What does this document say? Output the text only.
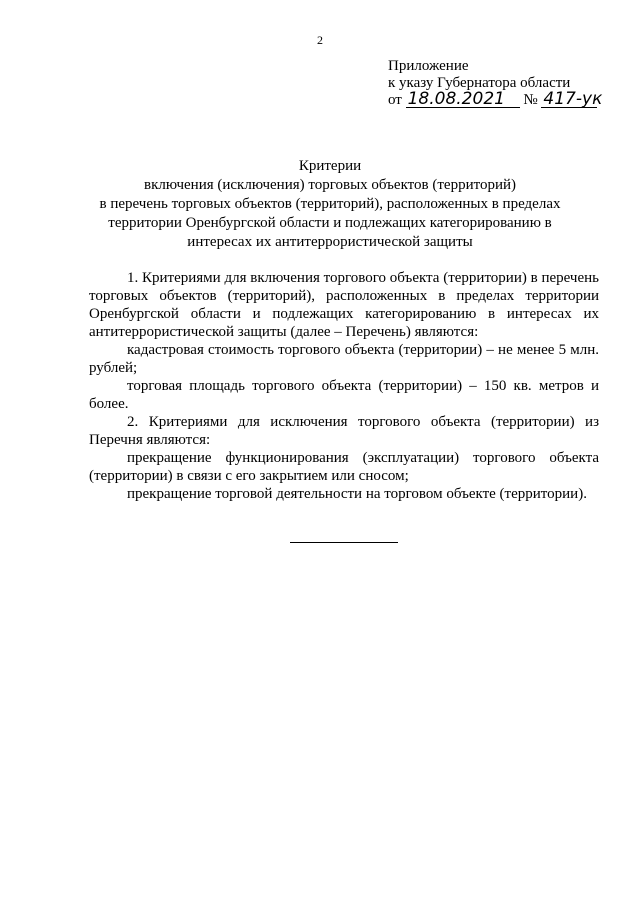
2
Приложение
к указу Губернатора области
от 18.08.2021 № 417-ук
Критерии
включения (исключения) торговых объектов (территорий)
в перечень торговых объектов (территорий), расположенных в пределах
территории Оренбургской области и подлежащих категорированию в
интересах их антитеррористической защиты

1. Критериями для включения торгового объекта (территории) в перечень торговых объектов (территорий), расположенных в пределах территории Оренбургской области и подлежащих категорированию в интересах их антитеррористической защиты (далее – Перечень) являются:

кадастровая стоимость торгового объекта (территории) – не менее 5 млн. рублей;

торговая площадь торгового объекта (территории) – 150 кв. метров и более.

2. Критериями для исключения торгового объекта (территории) из Перечня являются:

прекращение функционирования (эксплуатации) торгового объекта (территории) в связи с его закрытием или сносом;

прекращение торговой деятельности на торговом объекте (территории).
